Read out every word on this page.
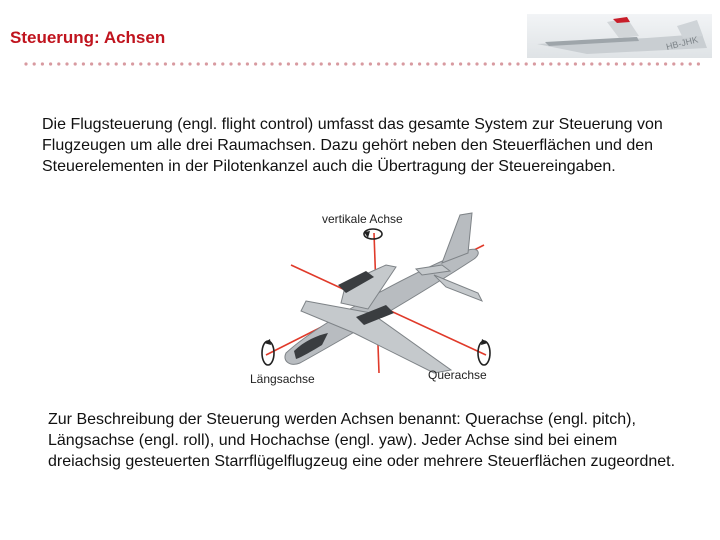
Steuerung: Achsen	HB-JHK

Die Flugsteuerung (engl. flight control) umfasst das gesamte System zur Steuerung von Flugzeugen um alle drei Raumachsen. Dazu gehört neben den Steuerflächen und den Steuerelementen in der Pilotenkanzel auch die Übertragung der Steuereingaben.

vertikale Achse
Längsachse	Querachse

Zur Beschreibung der Steuerung werden Achsen benannt: Querachse (engl. pitch), Längsachse (engl. roll), und Hochachse (engl. yaw). Jeder Achse sind bei einem dreiachsig gesteuerten Starrflügelflugzeug eine oder mehrere Steuerflächen zugeordnet.
